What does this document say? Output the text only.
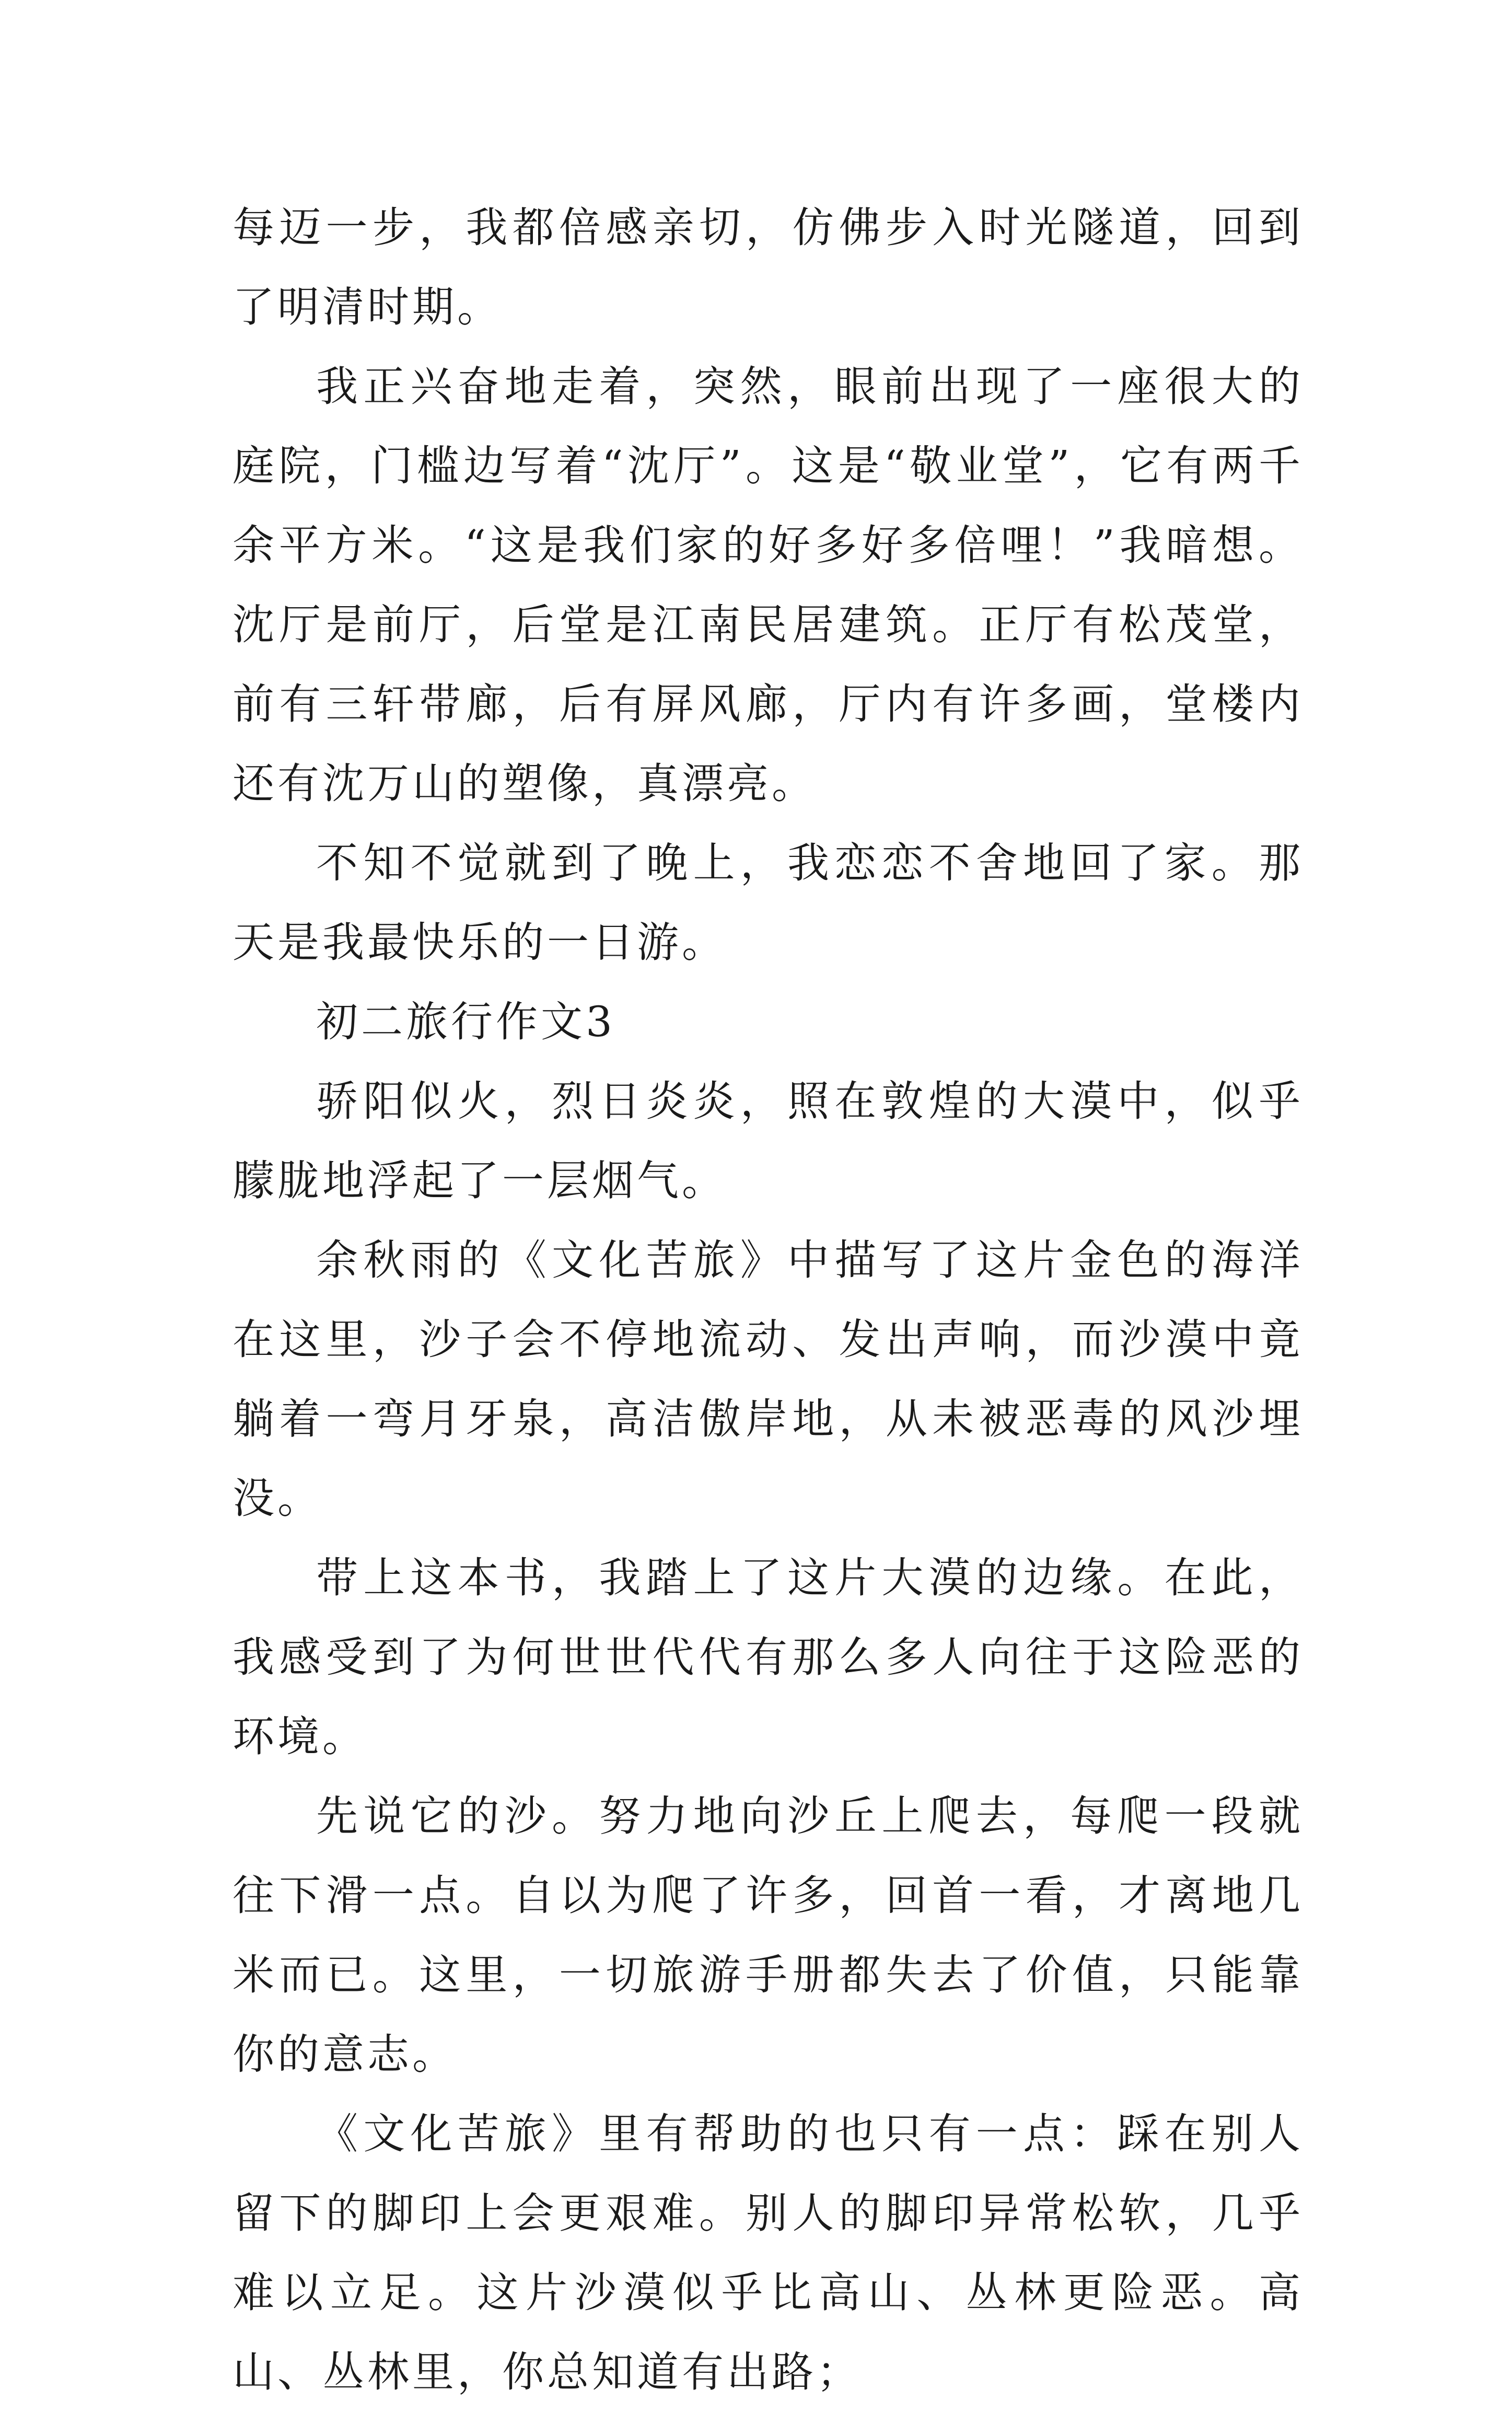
每迈一步，我都倍感亲切，仿佛步入时光隧道，回到了明清时期。

我正兴奋地走着，突然，眼前出现了一座很大的庭院，门槛边写着“沈厅”。这是“敬业堂”，它有两千余平方米。“这是我们家的好多好多倍哩！”我暗想。沈厅是前厅，后堂是江南民居建筑。正厅有松茂堂，前有三轩带廊，后有屏风廊，厅内有许多画，堂楼内还有沈万山的塑像，真漂亮。

不知不觉就到了晚上，我恋恋不舍地回了家。那天是我最快乐的一日游。

初二旅行作文3

骄阳似火，烈日炎炎，照在敦煌的大漠中，似乎朦胧地浮起了一层烟气。

余秋雨的《文化苦旅》中描写了这片金色的海洋在这里，沙子会不停地流动、发出声响，而沙漠中竟躺着一弯月牙泉，高洁傲岸地，从未被恶毒的风沙埋没。

带上这本书，我踏上了这片大漠的边缘。在此，我感受到了为何世世代代有那么多人向往于这险恶的环境。

先说它的沙。努力地向沙丘上爬去，每爬一段就往下滑一点。自以为爬了许多，回首一看，才离地几米而已。这里，一切旅游手册都失去了价值，只能靠你的意志。

《文化苦旅》里有帮助的也只有一点：踩在别人留下的脚印上会更艰难。别人的脚印异常松软，几乎难以立足。这片沙漠似乎比高山、丛林更险恶。高山、丛林里，你总知道有出路；
